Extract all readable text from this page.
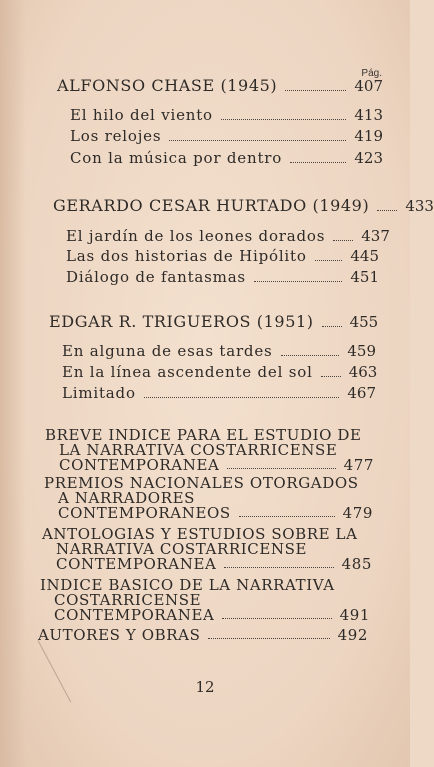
Pág.
ALFONSO CHASE (1945)	407
El hilo del viento	413
Los relojes	419
Con la música por dentro	423
GERARDO CESAR HURTADO (1949) 433
El jardín de los leones dorados 437
Las dos historias de Hipólito	445
Diálogo de fantasmas	451
EDGAR R. TRIGUEROS (1951) 455
En alguna de esas tardes	459
En la línea ascendente del sol 463
Limitado	467
BREVE INDICE PARA EL ESTUDIO DE
LA NARRATIVA COSTARRICENSE
CONTEMPORANEA	477
PREMIOS NACIONALES OTORGADOS
A NARRADORES
CONTEMPORANEOS	479
ANTOLOGIAS Y ESTUDIOS SOBRE LA
NARRATIVA COSTARRICENSE
CONTEMPORANEA	485
INDICE BASICO DE LA NARRATIVA
COSTARRICENSE
CONTEMPORANEA	491
AUTORES Y OBRAS	492
12
